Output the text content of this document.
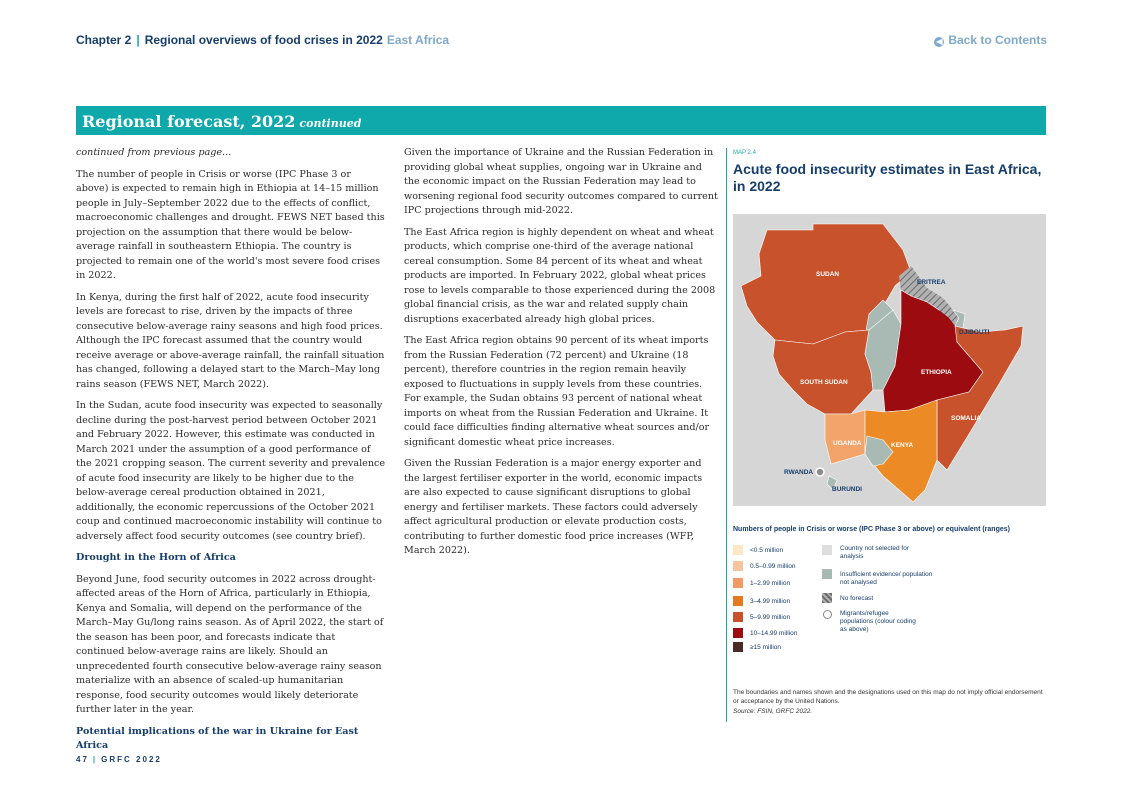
Chapter 2 | Regional overviews of food crises in 2022 East Africa	◀ Back to Contents
Regional forecast, 2022 continued

continued from previous page...

The number of people in Crisis or worse (IPC Phase 3 or above) is expected to remain high in Ethiopia at 14–15 million people in July–September 2022 due to the effects of conflict, macroeconomic challenges and drought. FEWS NET based this projection on the assumption that there would be below-average rainfall in southeastern Ethiopia. The country is projected to remain one of the world's most severe food crises in 2022.

In Kenya, during the first half of 2022, acute food insecurity levels are forecast to rise, driven by the impacts of three consecutive below-average rainy seasons and high food prices. Although the IPC forecast assumed that the country would receive average or above-average rainfall, the rainfall situation has changed, following a delayed start to the March–May long rains season (FEWS NET, March 2022).

In the Sudan, acute food insecurity was expected to seasonally decline during the post-harvest period between October 2021 and February 2022. However, this estimate was conducted in March 2021 under the assumption of a good performance of the 2021 cropping season. The current severity and prevalence of acute food insecurity are likely to be higher due to the below-average cereal production obtained in 2021, additionally, the economic repercussions of the October 2021 coup and continued macroeconomic instability will continue to adversely affect food security outcomes (see country brief).

Drought in the Horn of Africa

Beyond June, food security outcomes in 2022 across drought-affected areas of the Horn of Africa, particularly in Ethiopia, Kenya and Somalia, will depend on the performance of the March–May Gu/long rains season. As of April 2022, the start of the season has been poor, and forecasts indicate that continued below-average rains are likely. Should an unprecedented fourth consecutive below-average rainy season materialize with an absence of scaled-up humanitarian response, food security outcomes would likely deteriorate further later in the year.

Potential implications of the war in Ukraine for East Africa

Given the importance of Ukraine and the Russian Federation in providing global wheat supplies, ongoing war in Ukraine and the economic impact on the Russian Federation may lead to worsening regional food security outcomes compared to current IPC projections through mid-2022.

The East Africa region is highly dependent on wheat and wheat products, which comprise one-third of the average national cereal consumption. Some 84 percent of its wheat and wheat products are imported. In February 2022, global wheat prices rose to levels comparable to those experienced during the 2008 global financial crisis, as the war and related supply chain disruptions exacerbated already high global prices.

The East Africa region obtains 90 percent of its wheat imports from the Russian Federation (72 percent) and Ukraine (18 percent), therefore countries in the region remain heavily exposed to fluctuations in supply levels from these countries. For example, the Sudan obtains 93 percent of national wheat imports on wheat from the Russian Federation and Ukraine. It could face difficulties finding alternative wheat sources and/or significant domestic wheat price increases.

Given the Russian Federation is a major energy exporter and the largest fertiliser exporter in the world, economic impacts are also expected to cause significant disruptions to global energy and fertiliser markets. These factors could adversely affect agricultural production or elevate production costs, contributing to further domestic food price increases (WFP, March 2022).

MAP 2.4
Acute food insecurity estimates in East Africa, in 2022
SUDAN
ERITREA
DJIBOUTI
ETHIOPIA
SOUTH SUDAN
SOMALIA
UGANDA	KENYA
RWANDA
BURUNDI
Numbers of people in Crisis or worse (IPC Phase 3 or above) or equivalent (ranges)
<0.5 million
0.5–0.99 million
1–2.99 million
3–4.99 million
5–9.99 million
10–14.99 million
≥15 million
Country not selected for analysis
Insufficient evidence/ population not analysed
No forecast
Migrants/refugee populations (colour coding as above)
The boundaries and names shown and the designations used on this map do not imply official endorsement or acceptance by the United Nations.
Source: FSIN, GRFC 2022.
47 | GRFC 2022
